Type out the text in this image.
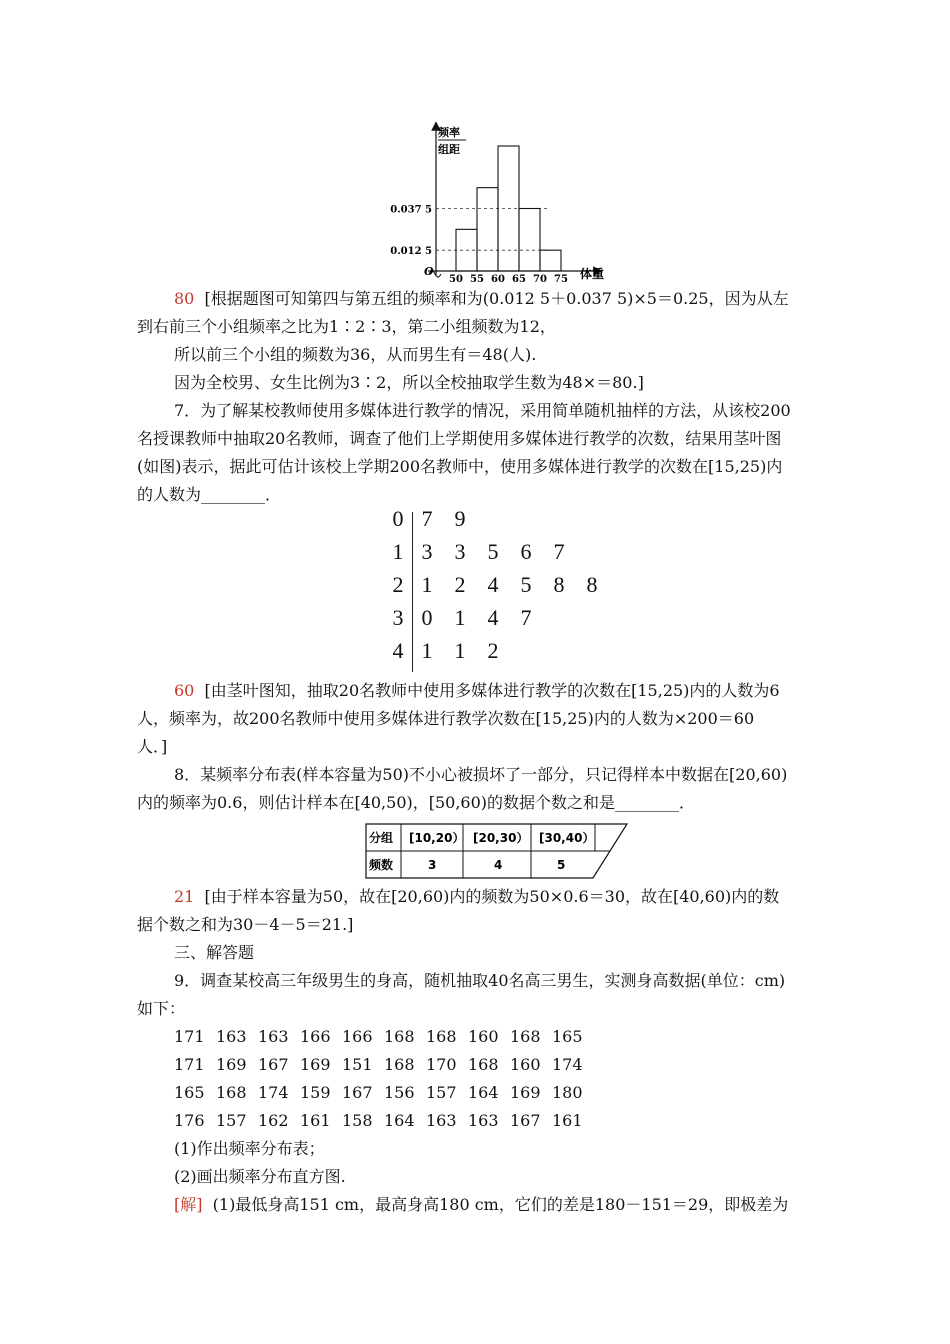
频率
组距
O	体重
50 55 60 65 70 75
0.037 5
0.012 5
80 [根据题图可知第四与第五组的频率和为(0.012 5＋0.037 5)×5＝0.25，因为从左
到右前三个小组频率之比为1∶2∶3，第二小组频数为12，
所以前三个小组的频数为36，从而男生有＝48(人).
因为全校男、女生比例为3∶2，所以全校抽取学生数为48×＝80.]
7．为了解某校教师使用多媒体进行教学的情况，采用简单随机抽样的方法，从该校200
名授课教师中抽取20名教师，调查了他们上学期使用多媒体进行教学的次数，结果用茎叶图
(如图)表示，据此可估计该校上学期200名教师中，使用多媒体进行教学的次数在[15,25)内
的人数为________．
0 7 9
1 3 3 5 6 7
2 1 2 4 5 8 8
3 0 1 4 7
4 1 1 2
60 [由茎叶图知，抽取20名教师中使用多媒体进行教学的次数在[15,25)内的人数为6
人，频率为，故200名教师中使用多媒体进行教学次数在[15,25)内的人数为×200＝60
人．]
8．某频率分布表(样本容量为50)不小心被损坏了一部分，只记得样本中数据在[20,60)
内的频率为0.6，则估计样本在[40,50)，[50,60)的数据个数之和是________．
分组 [10,20） [20,30） [30,40）
频数	3	4	5
21 [由于样本容量为50，故在[20,60)内的频数为50×0.6＝30，故在[40,60)内的数
据个数之和为30－4－5＝21.]
三、解答题
9．调查某校高三年级男生的身高，随机抽取40名高三男生，实测身高数据(单位：cm)
如下：
171 163 163 166 166 168 168 160 168 165
171 169 167 169 151 168 170 168 160 174
165 168 174 159 167 156 157 164 169 180
176 157 162 161 158 164 163 163 167 161
(1)作出频率分布表；
(2)画出频率分布直方图.
[解] (1)最低身高151 cm，最高身高180 cm，它们的差是180－151＝29，即极差为
